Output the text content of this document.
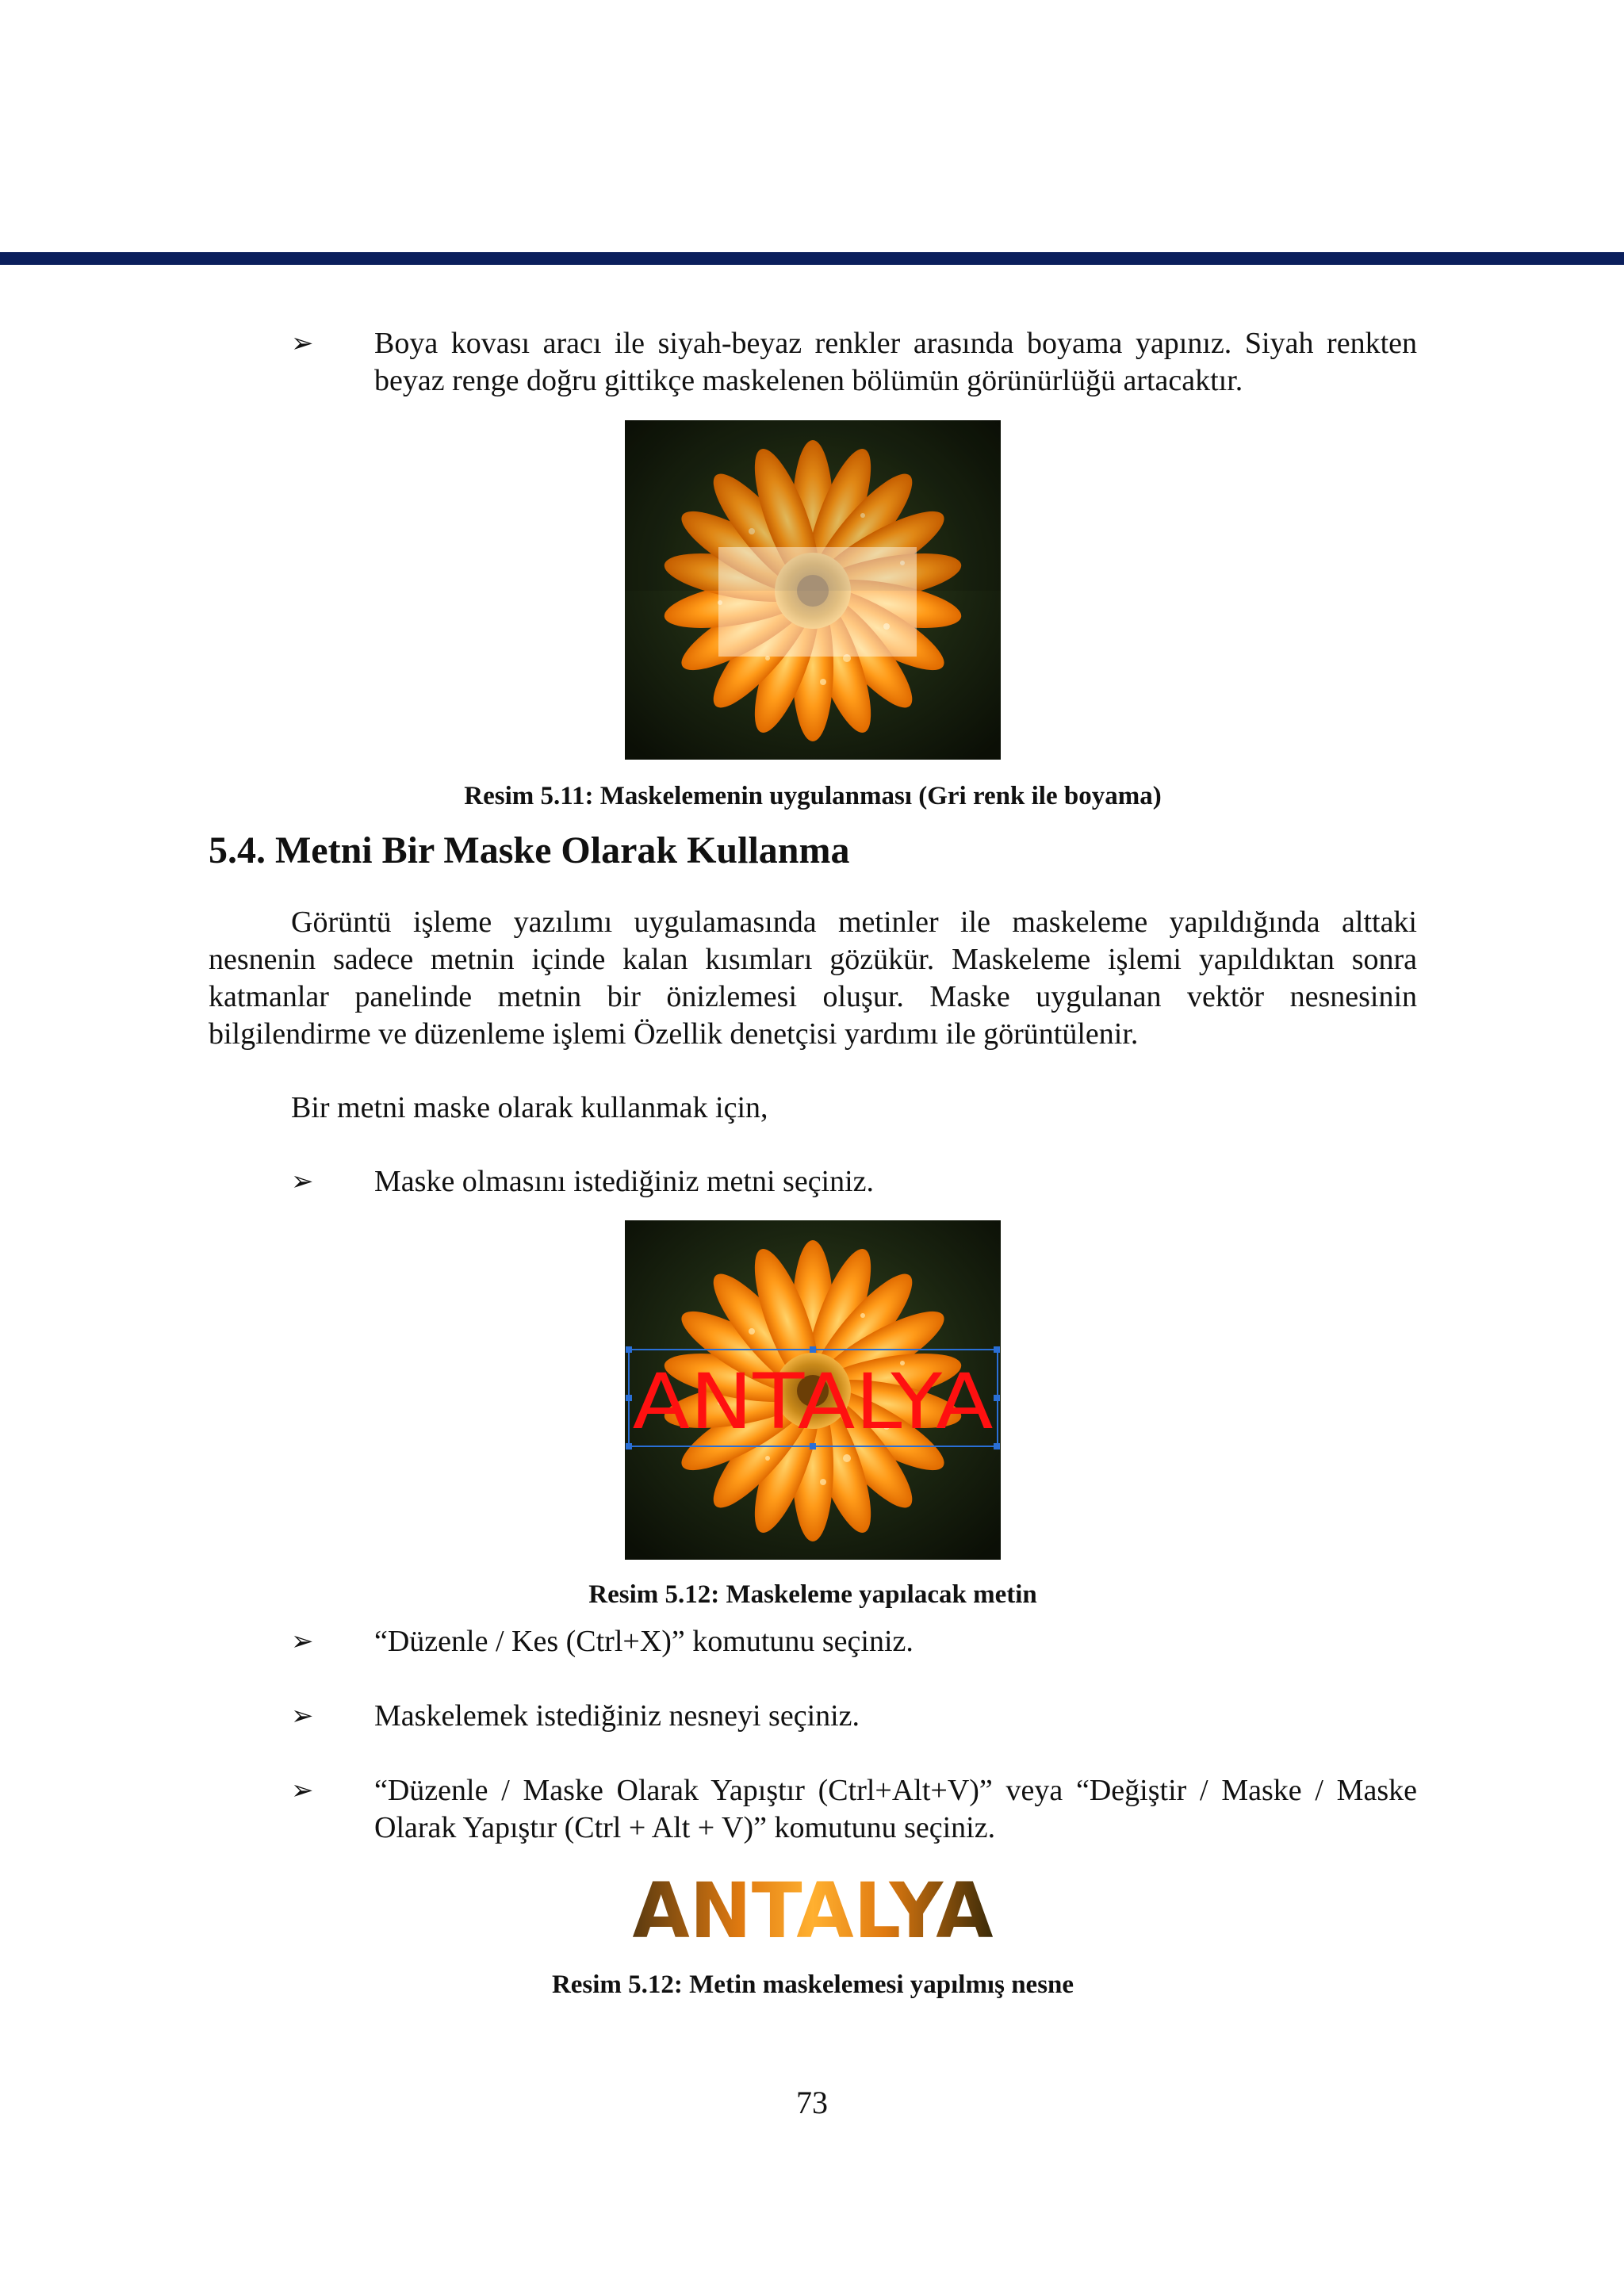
➢	Boya kovası aracı ile siyah-beyaz renkler arasında boyama yapınız. Siyah renkten beyaz renge doğru gittikçe maskelenen bölümün görünürlüğü artacaktır.
Resim 5.11: Maskelemenin uygulanması (Gri renk ile boyama)
5.4. Metni Bir Maske Olarak Kullanma

Görüntü işleme yazılımı uygulamasında metinler ile maskeleme yapıldığında alttaki nesnenin sadece metnin içinde kalan kısımları gözükür. Maskeleme işlemi yapıldıktan sonra katmanlar panelinde metnin bir önizlemesi oluşur. Maske uygulanan vektör nesnesinin bilgilendirme ve düzenleme işlemi Özellik denetçisi yardımı ile görüntülenir.

Bir metni maske olarak kullanmak için,

➢	Maske olmasını istediğiniz metni seçiniz.
ANTALYA
Resim 5.12: Maskeleme yapılacak metin
➢	“Düzenle / Kes (Ctrl+X)” komutunu seçiniz.
➢	Maskelemek istediğiniz nesneyi seçiniz.
➢	“Düzenle / Maske Olarak Yapıştır (Ctrl+Alt+V)” veya “Değiştir / Maske / Maske Olarak Yapıştır (Ctrl + Alt + V)” komutunu seçiniz.
ANTALYA
Resim 5.12: Metin maskelemesi yapılmış nesne
73
